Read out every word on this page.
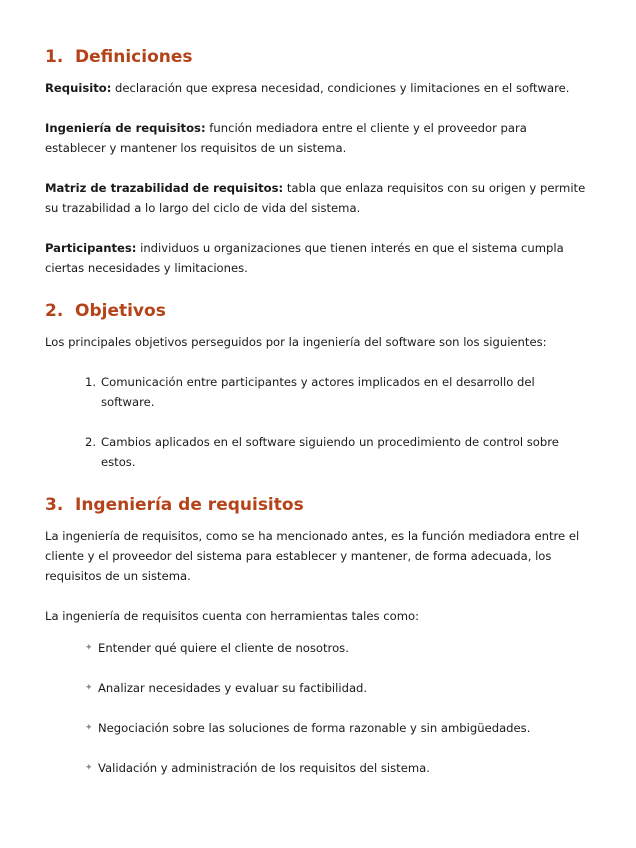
1. Definiciones

Requisito: declaración que expresa necesidad, condiciones y limitaciones en el software.

Ingeniería de requisitos: función mediadora entre el cliente y el proveedor para establecer y mantener los requisitos de un sistema.

Matriz de trazabilidad de requisitos: tabla que enlaza requisitos con su origen y permite su trazabilidad a lo largo del ciclo de vida del sistema.

Participantes: individuos u organizaciones que tienen interés en que el sistema cumpla ciertas necesidades y limitaciones.

2. Objetivos

Los principales objetivos perseguidos por la ingeniería del software son los siguientes:

1. Comunicación entre participantes y actores implicados en el desarrollo del software.
2. Cambios aplicados en el software siguiendo un procedimiento de control sobre estos.
3. Ingeniería de requisitos

La ingeniería de requisitos, como se ha mencionado antes, es la función mediadora entre el cliente y el proveedor del sistema para establecer y mantener, de forma adecuada, los requisitos de un sistema.

La ingeniería de requisitos cuenta con herramientas tales como:

✦ Entender qué quiere el cliente de nosotros.
✦ Analizar necesidades y evaluar su factibilidad.
✦ Negociación sobre las soluciones de forma razonable y sin ambigüedades.
✦ Validación y administración de los requisitos del sistema.
